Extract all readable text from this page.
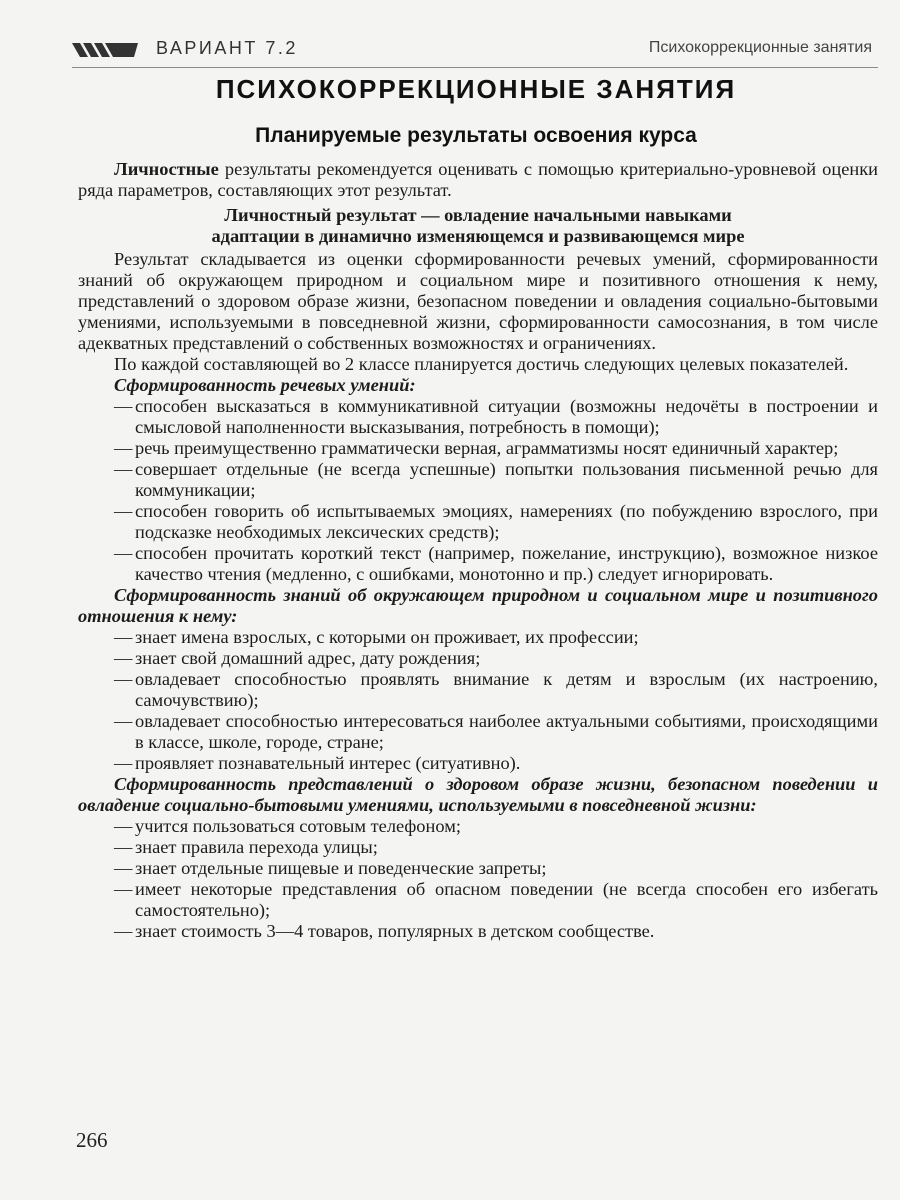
ВАРИАНТ 7.2	Психокоррекционные занятия
ПСИХОКОРРЕКЦИОННЫЕ ЗАНЯТИЯ
Планируемые результаты освоения курса

Личностные результаты рекомендуется оценивать с помощью критериально-уровневой оценки ряда параметров, составляющих этот результат.

Личностный результат — овладение начальными навыками
адаптации в динамично изменяющемся и развивающемся мире

Результат складывается из оценки сформированности речевых умений, сформированности знаний об окружающем природном и социальном мире и позитивного отношения к нему, представлений о здоровом образе жизни, безопасном поведении и овладения социально-бытовыми умениями, используемыми в повседневной жизни, сформированности самосознания, в том числе адекватных представлений о собственных возможностях и ограничениях.

По каждой составляющей во 2 классе планируется достичь следующих целевых показателей.

Сформированность речевых умений:

— способен высказаться в коммуникативной ситуации (возможны недочёты в построении и смысловой наполненности высказывания, потребность в помощи);
— речь преимущественно грамматически верная, аграмматизмы носят единичный характер;
— совершает отдельные (не всегда успешные) попытки пользования письменной речью для коммуникации;
— способен говорить об испытываемых эмоциях, намерениях (по побуждению взрослого, при подсказке необходимых лексических средств);
— способен прочитать короткий текст (например, пожелание, инструкцию), возможное низкое качество чтения (медленно, с ошибками, монотонно и пр.) следует игнорировать.

Сформированность знаний об окружающем природном и социальном мире и позитивного отношения к нему:

— знает имена взрослых, с которыми он проживает, их профессии;
— знает свой домашний адрес, дату рождения;
— овладевает способностью проявлять внимание к детям и взрослым (их настроению, самочувствию);
— овладевает способностью интересоваться наиболее актуальными событиями, происходящими в классе, школе, городе, стране;
— проявляет познавательный интерес (ситуативно).

Сформированность представлений о здоровом образе жизни, безопасном поведении и овладение социально-бытовыми умениями, используемыми в повседневной жизни:

— учится пользоваться сотовым телефоном;
— знает правила перехода улицы;
— знает отдельные пищевые и поведенческие запреты;
— имеет некоторые представления об опасном поведении (не всегда способен его избегать самостоятельно);
— знает стоимость 3—4 товаров, популярных в детском сообществе.
266
